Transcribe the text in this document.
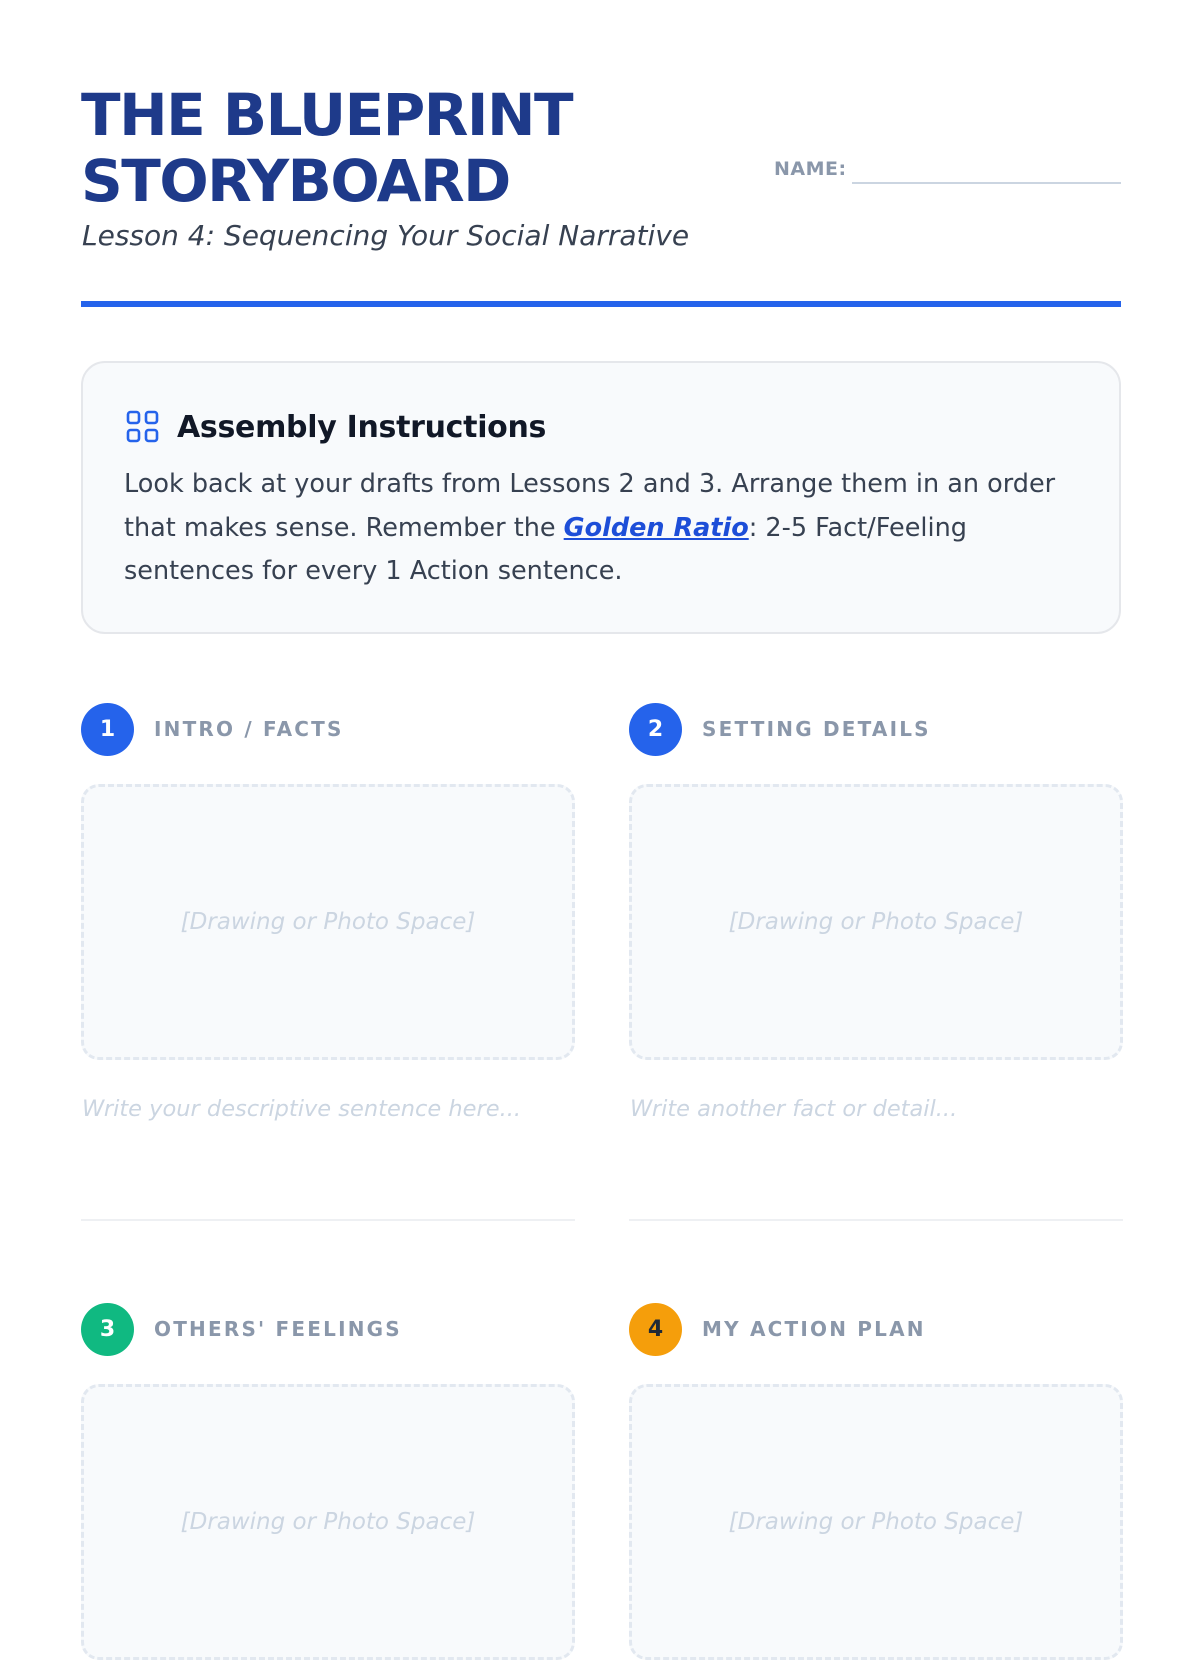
THE BLUEPRINT
STORYBOARD

Lesson 4: Sequencing Your Social Narrative

NAME:
Assembly Instructions

Look back at your drafts from Lessons 2 and 3. Arrange them in an order that makes sense. Remember the Golden Ratio: 2-5 Fact/Feeling sentences for every 1 Action sentence.

1	INTRO / FACTS
[Drawing or Photo Space]
Write your descriptive sentence here...
2	SETTING DETAILS
[Drawing or Photo Space]
Write another fact or detail...
3	OTHERS' FEELINGS
[Drawing or Photo Space]
4	MY ACTION PLAN
[Drawing or Photo Space]
